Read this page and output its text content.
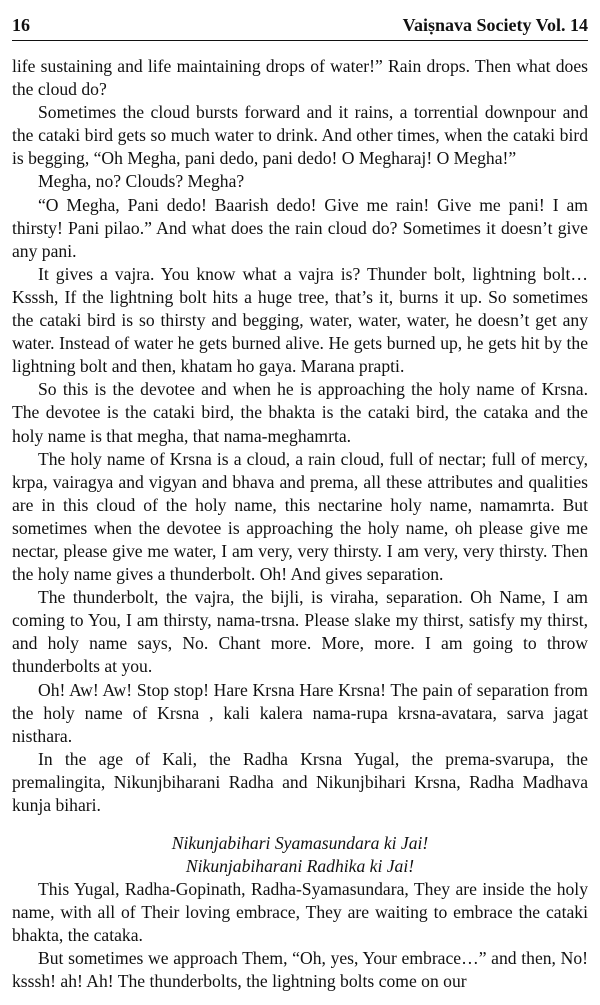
16	Vaiṣnava Society Vol. 14

life sustaining and life maintaining drops of water!” Rain drops. Then what does the cloud do?

Sometimes the cloud bursts forward and it rains, a torrential downpour and the cataki bird gets so much water to drink. And other times, when the cataki bird is begging, “Oh Megha, pani dedo, pani dedo! O Megharaj! O Megha!”

Megha, no? Clouds? Megha?

“O Megha, Pani dedo! Baarish dedo! Give me rain! Give me pani! I am thirsty! Pani pilao.” And what does the rain cloud do? Sometimes it doesn’t give any pani.

It gives a vajra. You know what a vajra is? Thunder bolt, lightning bolt… Ksssh, If the lightning bolt hits a huge tree, that’s it, burns it up. So sometimes the cataki bird is so thirsty and begging, water, water, water, he doesn’t get any water. Instead of water he gets burned alive. He gets burned up, he gets hit by the lightning bolt and then, khatam ho gaya. Marana prapti.

So this is the devotee and when he is approaching the holy name of Krsna. The devotee is the cataki bird, the bhakta is the cataki bird, the cataka and the holy name is that megha, that nama-meghamrta.

The holy name of Krsna is a cloud, a rain cloud, full of nectar; full of mercy, krpa, vairagya and vigyan and bhava and prema, all these attributes and qualities are in this cloud of the holy name, this nectarine holy name, namamrta. But sometimes when the devotee is approaching the holy name, oh please give me nectar, please give me water, I am very, very thirsty. I am very, very thirsty. Then the holy name gives a thunderbolt. Oh! And gives separation.

The thunderbolt, the vajra, the bijli, is viraha, separation. Oh Name, I am coming to You, I am thirsty, nama-trsna. Please slake my thirst, satisfy my thirst, and holy name says, No. Chant more. More, more. I am going to throw thunderbolts at you.

Oh! Aw! Aw! Stop stop! Hare Krsna Hare Krsna! The pain of separation from the holy name of Krsna , kali kalera nama-rupa krsna-avatara, sarva jagat nisthara.

In the age of Kali, the Radha Krsna Yugal, the prema-svarupa, the premalingita, Nikunjbiharani Radha and Nikunjbihari Krsna, Radha Madhava kunja bihari.

Nikunjabihari Syamasundara ki Jai!
Nikunjabiharani Radhika ki Jai!

This Yugal, Radha-Gopinath, Radha-Syamasundara, They are inside the holy name, with all of Their loving embrace, They are waiting to embrace the cataki bhakta, the cataka.

But sometimes we approach Them, “Oh, yes, Your embrace…” and then, No! ksssh! ah! Ah! The thunderbolts, the lightning bolts come on our
